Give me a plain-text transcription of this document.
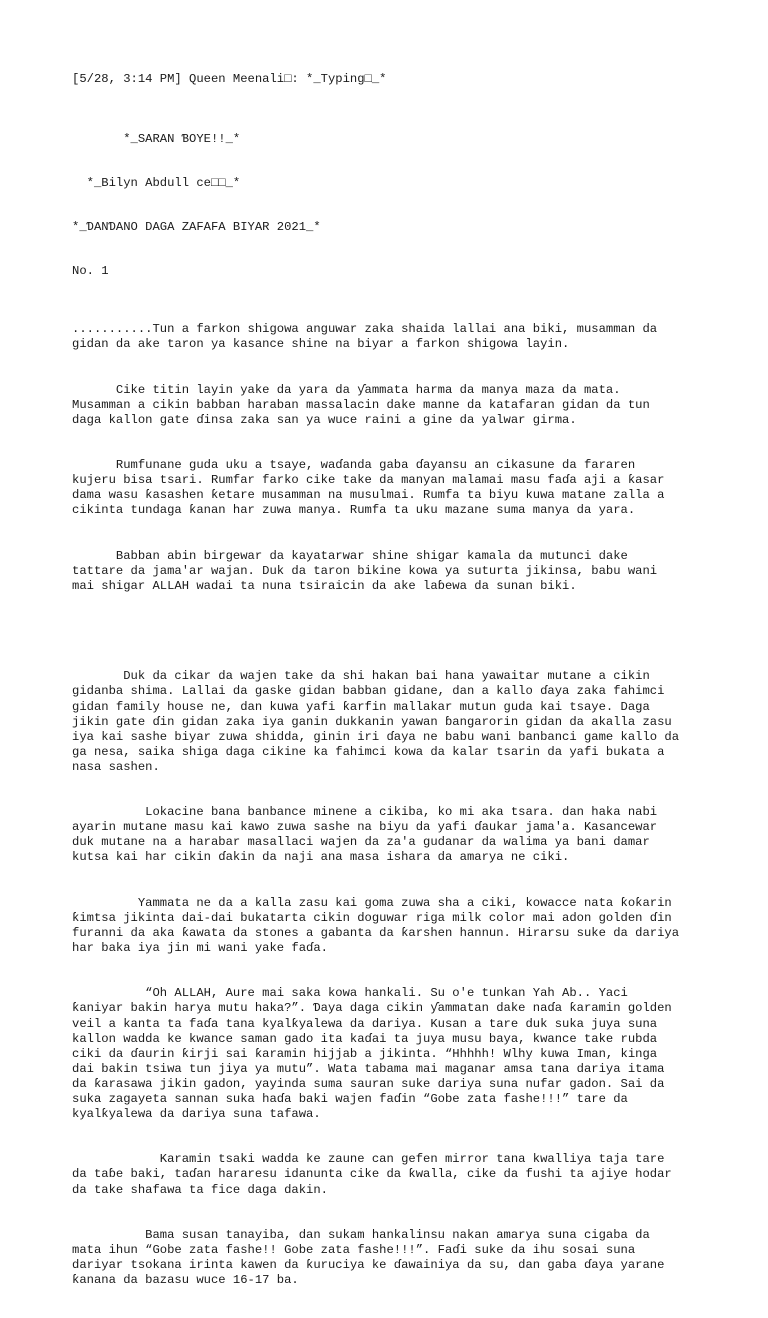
[5/28, 3:14 PM] Queen Meenali□: *_Typing□_*
*_SARAN ƁOYE!!_*
*_Bilyn Abdull ce□□_*
*_ƊANƊANO DAGA ZAFAFA BIYAR 2021_*
No. 1

...........Tun a farkon shigowa anguwar zaka shaida lallai ana biki, musamman da
gidan da ake taron ya kasance shine na biyar a farkon shigowa layin.

Cike titin layin yake da yara da ƴammata harma da manya maza da mata.
Musamman a cikin babban haraban massalacin dake manne da katafaran gidan da tun
daga kallon gate ɗinsa zaka san ya wuce raini a gine da yalwar girma.

Rumfunane guda uku a tsaye, waɗanda gaba ɗayansu an cikasune da fararen
kujeru bisa tsari. Rumfar farko cike take da manyan malamai masu faɗa aji a ƙasar
dama wasu ƙasashen ƙetare musamman na musulmai. Rumfa ta biyu kuwa matane zalla a
cikinta tundaga ƙanan har zuwa manya. Rumfa ta uku mazane suma manya da yara.

Babban abin birgewar da kayatarwar shine shigar kamala da mutunci dake
tattare da jama'ar wajan. Duk da taron bikine kowa ya suturta jikinsa, babu wani
mai shigar ALLAH wadai ta nuna tsiraicin da ake laɓewa da sunan biki.

Duk da cikar da wajen take da shi hakan bai hana yawaitar mutane a cikin
gidanba shima. Lallai da gaske gidan babban gidane, dan a kallo ɗaya zaka fahimci
gidan family house ne, dan kuwa yafi ƙarfin mallakar mutun guda kai tsaye. Daga
jikin gate ɗin gidan zaka iya ganin dukkanin yawan ɓangarorin gidan da akalla zasu
iya kai sashe biyar zuwa shidda, ginin iri ɗaya ne babu wani banbanci game kallo da
ga nesa, saika shiga daga cikine ka fahimci kowa da kalar tsarin da yafi bukata a
nasa sashen.

Lokacine bana banbance minene a cikiba, ko mi aka tsara. dan haka nabi
ayarin mutane masu kai kawo zuwa sashe na biyu da yafi ɗaukar jama'a. Kasancewar
duk mutane na a harabar masallaci wajen da za'a gudanar da walima ya bani damar
kutsa kai har cikin ɗakin da naji ana masa ishara da amarya ne ciki.

Yammata ne da a kalla zasu kai goma zuwa sha a ciki, kowacce nata ƙoƙarin
ƙimtsa jikinta dai-dai bukatarta cikin doguwar riga milk color mai adon golden ɗin
furanni da aka ƙawata da stones a gabanta da ƙarshen hannun. Hirarsu suke da dariya
har baka iya jin mi wani yake faɗa.

“Oh ALLAH, Aure mai saka kowa hankali. Su o'e tunkan Yah Ab.. Yaci
ƙaniyar bakin harya mutu haka?”. Ɗaya daga cikin ƴammatan dake naɗa ƙaramin golden
veil a kanta ta faɗa tana kyalƙyalewa da dariya. Kusan a tare duk suka juya suna
kallon wadda ke kwance saman gado ita kaɗai ta juya musu baya, kwance take rubda
ciki da ɗaurin ƙirji sai ƙaramin hijjab a jikinta. “Hhhhh! Wlhy kuwa Iman, kinga
dai bakin tsiwa tun jiya ya mutu”. Wata tabama mai maganar amsa tana dariya itama
da ƙarasawa jikin gadon, yayinda suma sauran suke dariya suna nufar gadon. Sai da
suka zagayeta sannan suka haɗa baki wajen faɗin “Gobe zata fashe!!!” tare da
kyalƙyalewa da dariya suna tafawa.

Karamin tsaki wadda ke zaune can gefen mirror tana kwalliya taja tare
da taɓe baki, taɗan hararesu idanunta cike da ƙwalla, cike da fushi ta ajiye hodar
da take shafawa ta fice daga dakin.

Bama susan tanayiba, dan sukam hankalinsu nakan amarya suna cigaba da
mata ihun “Gobe zata fashe!! Gobe zata fashe!!!”. Faɗi suke da ihu sosai suna
dariyar tsokana irinta kawen da ƙuruciya ke ɗawainiya da su, dan gaba ɗaya yarane
ƙanana da bazasu wuce 16-17 ba.
